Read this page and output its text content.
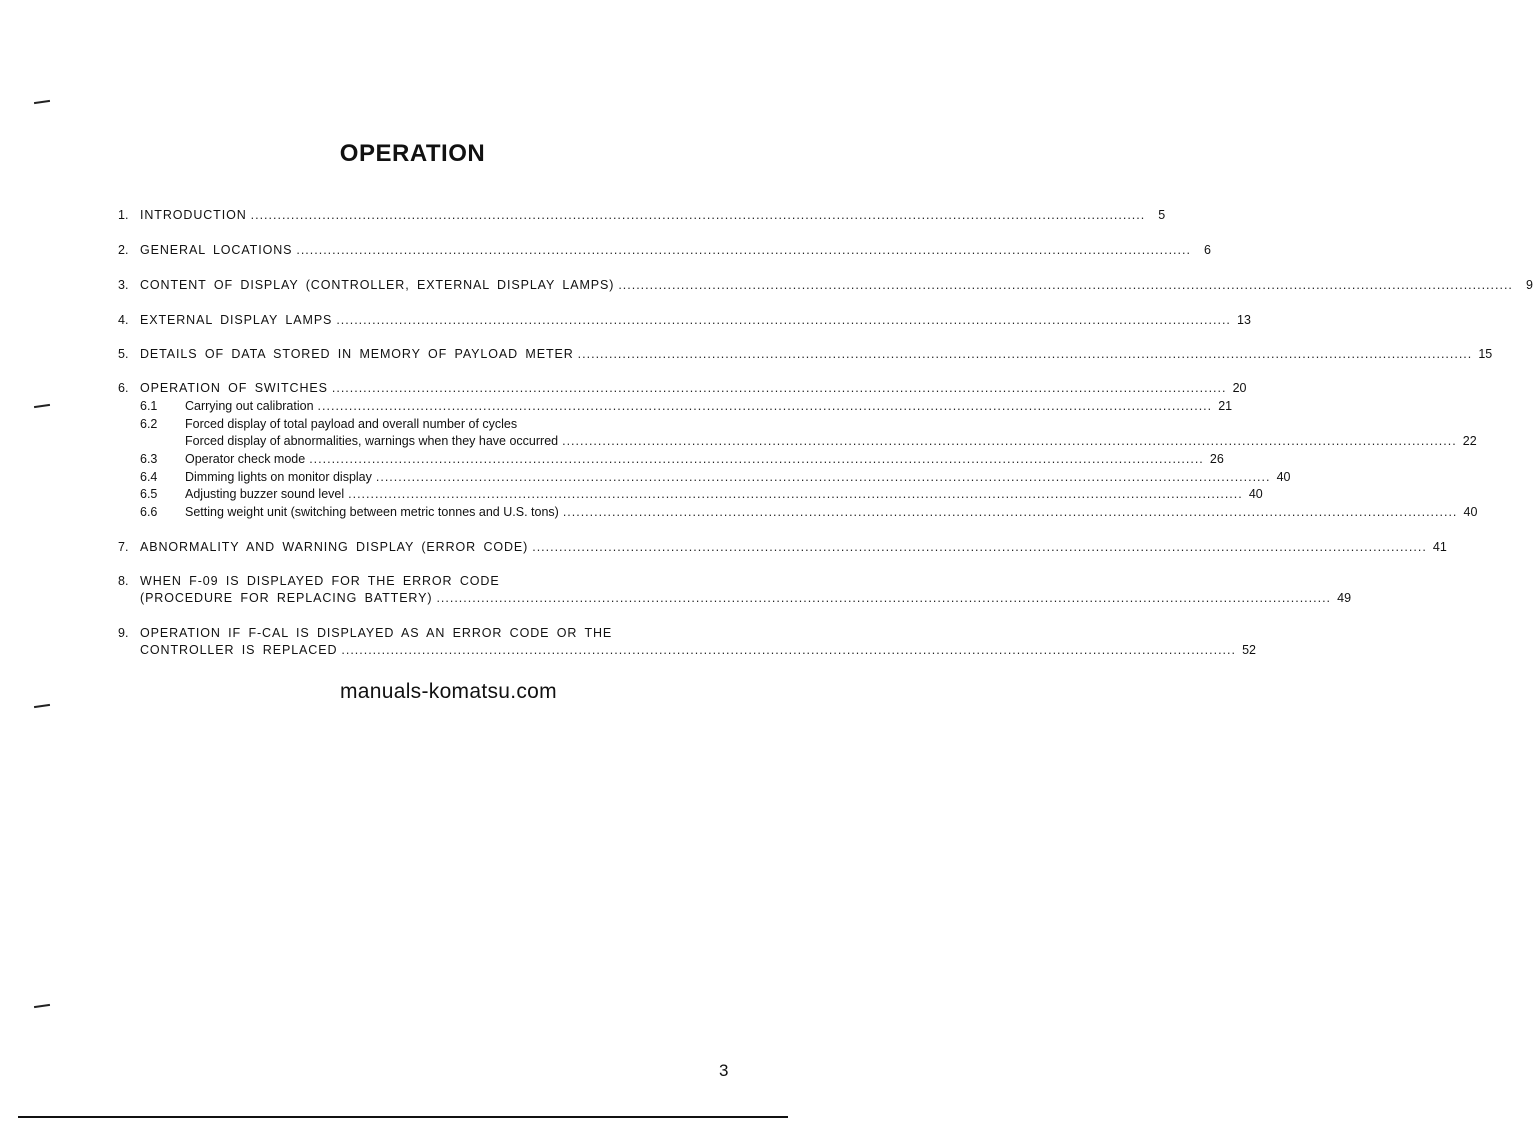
OPERATION
1. INTRODUCTION ........................................................................................................................................................................................................	5
2. GENERAL LOCATIONS ........................................................................................................................................................................................................	6
3. CONTENT OF DISPLAY (CONTROLLER, EXTERNAL DISPLAY LAMPS) ........................................................................................................................................................................................................	9
4. EXTERNAL DISPLAY LAMPS ........................................................................................................................................................................................................ 13
5. DETAILS OF DATA STORED IN MEMORY OF PAYLOAD METER ........................................................................................................................................................................................................ 15
6. OPERATION OF SWITCHES ........................................................................................................................................................................................................ 20
6.1	Carrying out calibration ........................................................................................................................................................................................................ 21
6.2	Forced display of total payload and overall number of cycles
Forced display of abnormalities, warnings when they have occurred ........................................................................................................................................................................................................ 22
6.3	Operator check mode ........................................................................................................................................................................................................ 26
6.4	Dimming lights on monitor display ........................................................................................................................................................................................................ 40
6.5	Adjusting buzzer sound level ........................................................................................................................................................................................................ 40
6.6	Setting weight unit (switching between metric tonnes and U.S. tons) ........................................................................................................................................................................................................ 40
7. ABNORMALITY AND WARNING DISPLAY (ERROR CODE) ........................................................................................................................................................................................................ 41
8. WHEN F-09 IS DISPLAYED FOR THE ERROR CODE
(PROCEDURE FOR REPLACING BATTERY) ........................................................................................................................................................................................................ 49
9. OPERATION IF F-CAL IS DISPLAYED AS AN ERROR CODE OR THE
CONTROLLER IS REPLACED ........................................................................................................................................................................................................ 52
manuals-komatsu.com
3
